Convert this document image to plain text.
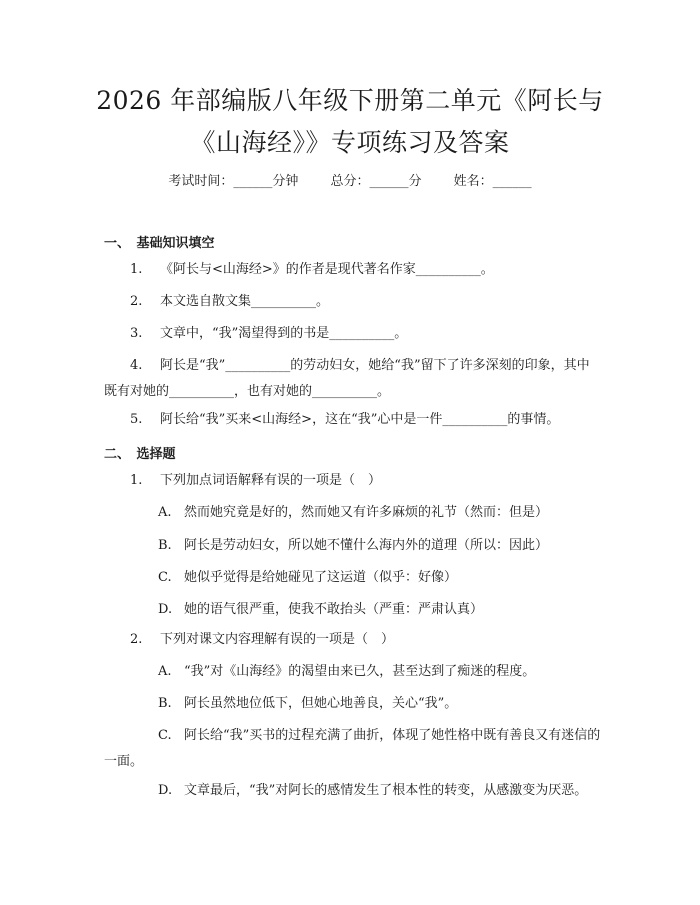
2026 年部编版八年级下册第二单元《阿长与
《山海经》》专项练习及答案
考试时间：______分钟 总分：______分 姓名：______
一、　基础知识填空
1. 《阿长与<山海经>》的作者是现代著名作家__________。
2. 本文选自散文集__________。
3. 文章中，“我”渴望得到的书是__________。
4. 阿长是“我”__________的劳动妇女，她给“我”留下了许多深刻的印象，其中既有对她的__________，也有对她的__________。
5. 阿长给“我”买来<山海经>，这在“我”心中是一件__________的事情。
二、　选择题
1. 下列加点词语解释有误的一项是（　）
A. 然而她究竟是好的，然而她又有许多麻烦的礼节（然而：但是）
B. 阿长是劳动妇女，所以她不懂什么海内外的道理（所以：因此）
C. 她似乎觉得是给她碰见了这运道（似乎：好像）
D. 她的语气很严重，使我不敢抬头（严重：严肃认真）
2. 下列对课文内容理解有误的一项是（　）
A. “我”对《山海经》的渴望由来已久，甚至达到了痴迷的程度。
B. 阿长虽然地位低下，但她心地善良，关心“我”。
C. 阿长给“我”买书的过程充满了曲折，体现了她性格中既有善良又有迷信的一面。
D. 文章最后，“我”对阿长的感情发生了根本性的转变，从感激变为厌恶。
